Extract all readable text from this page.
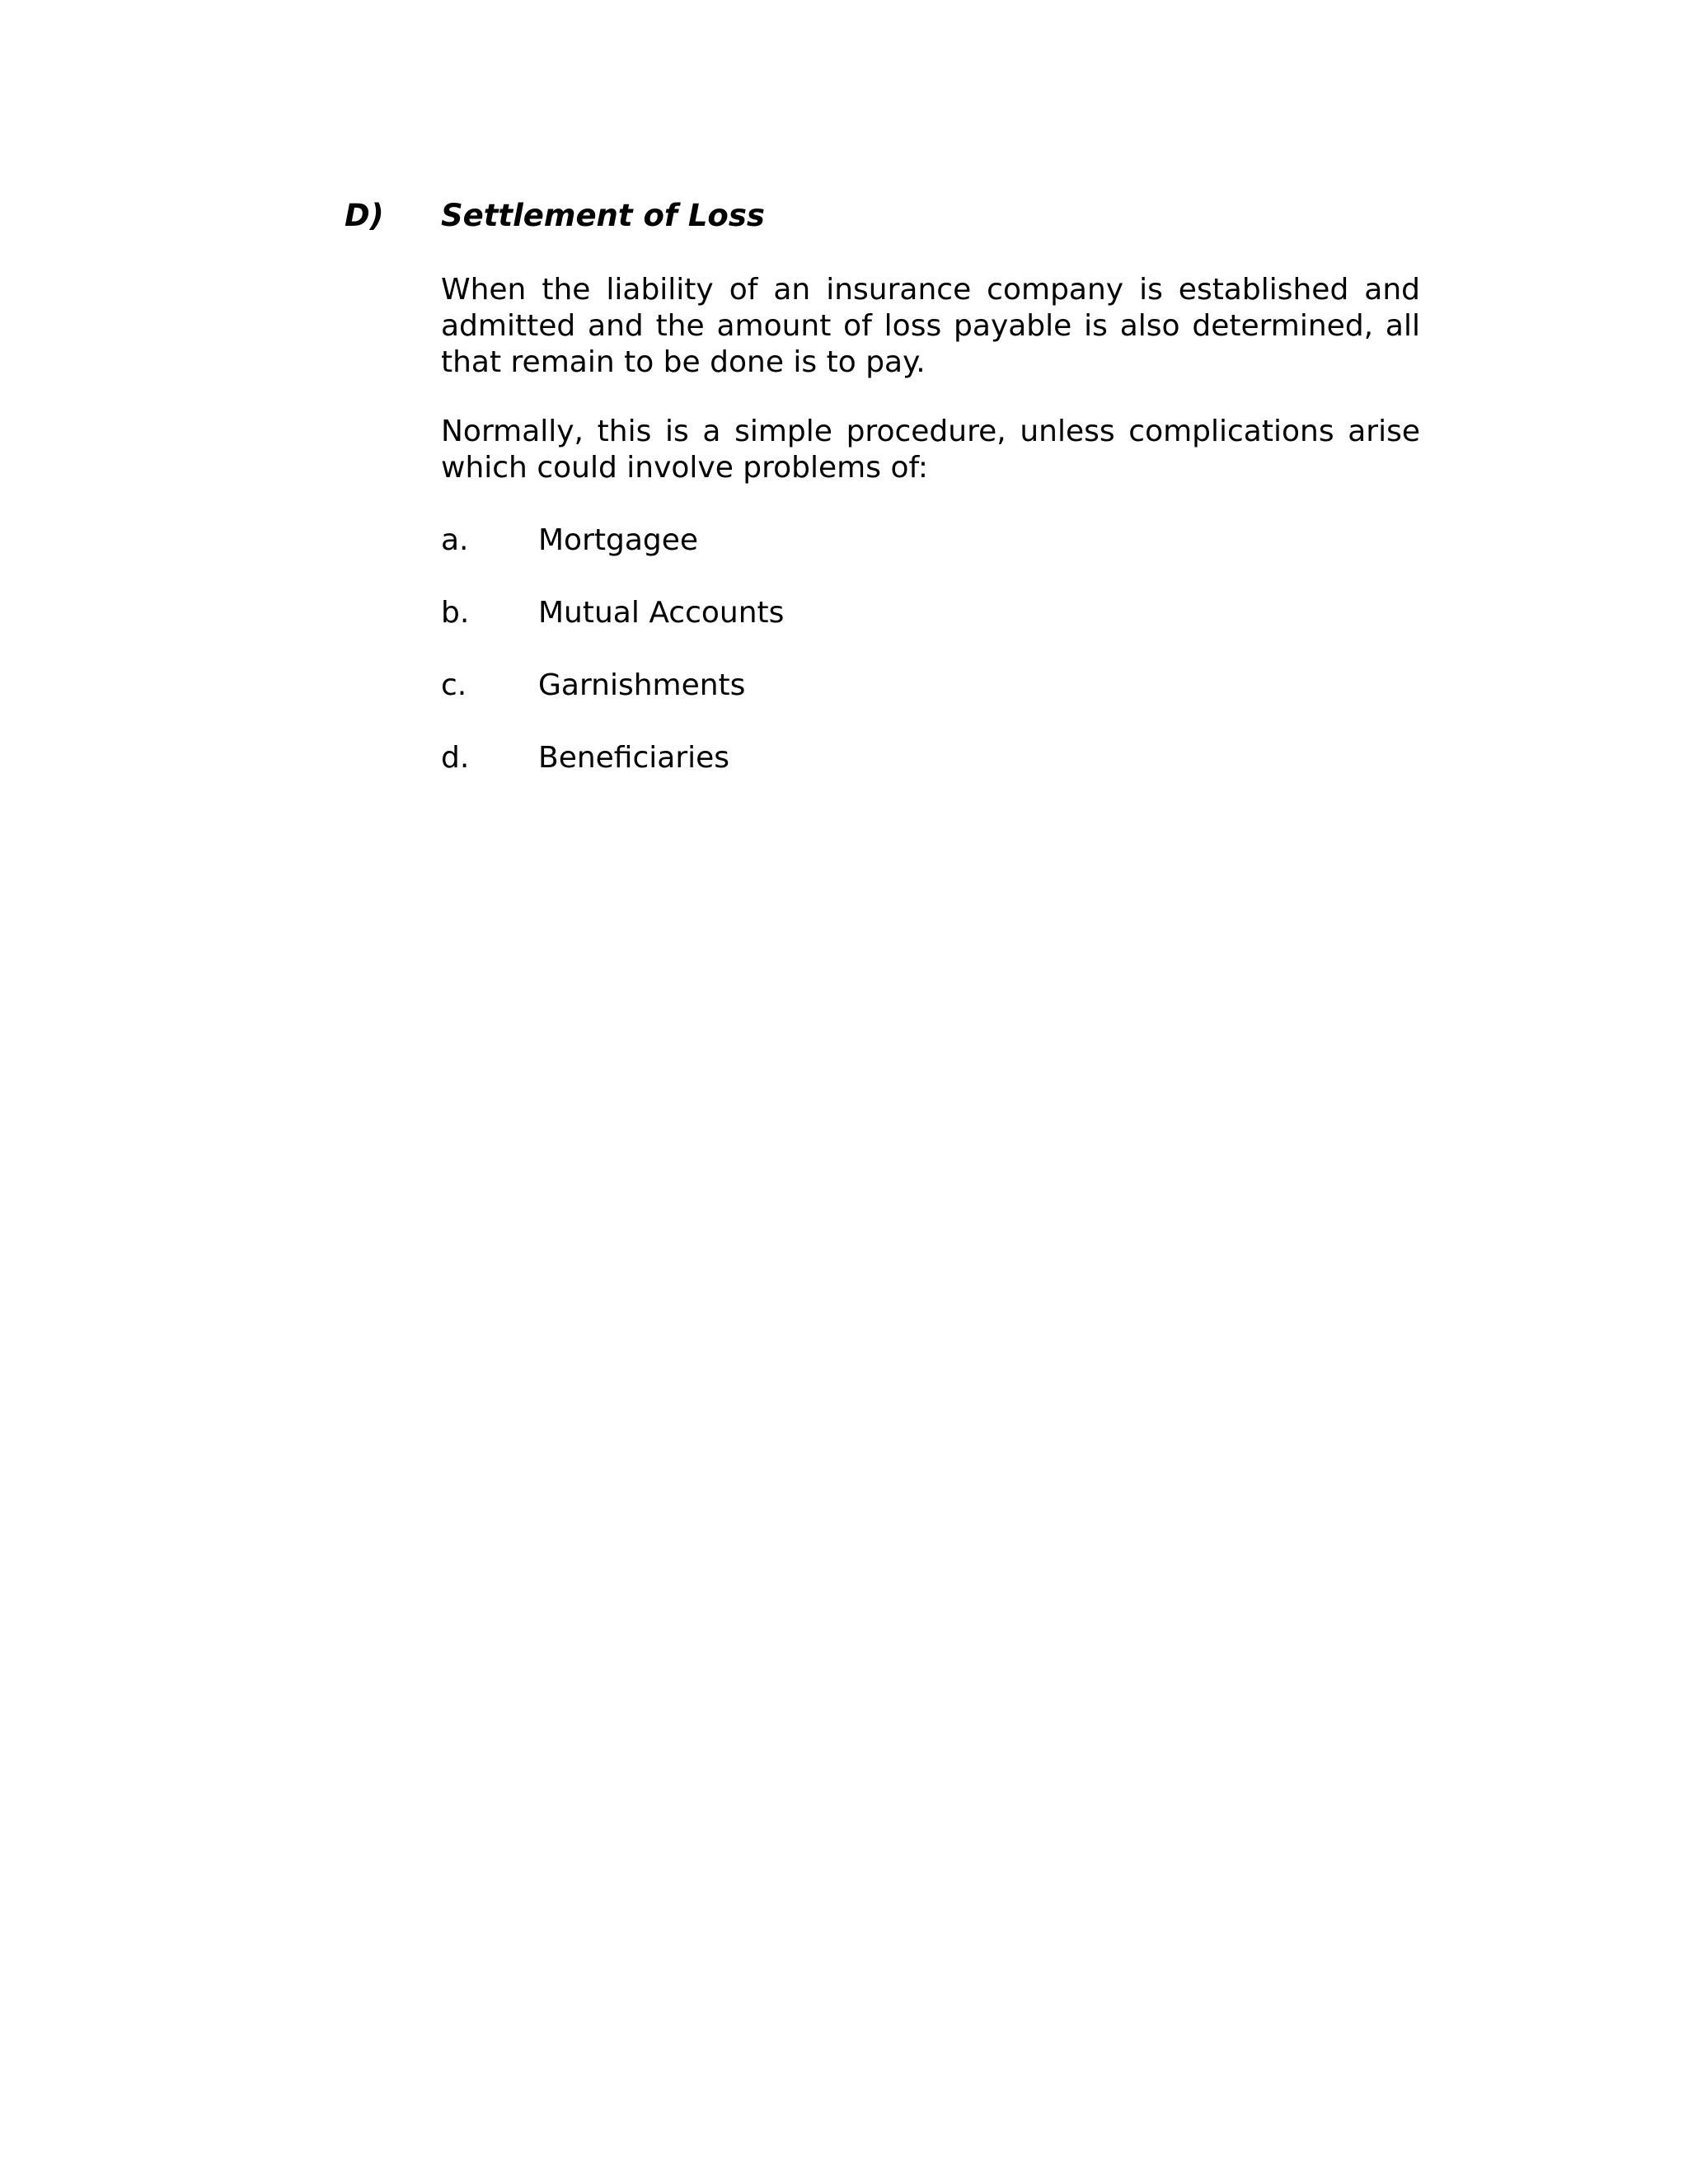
D) Settlement of Loss

When the liability of an insurance company is established and admitted and the amount of loss payable is also determined, all that remain to be done is to pay.

Normally, this is a simple procedure, unless complications arise which could involve problems of:

a. Mortgagee
b. Mutual Accounts
c. Garnishments
d. Beneficiaries
